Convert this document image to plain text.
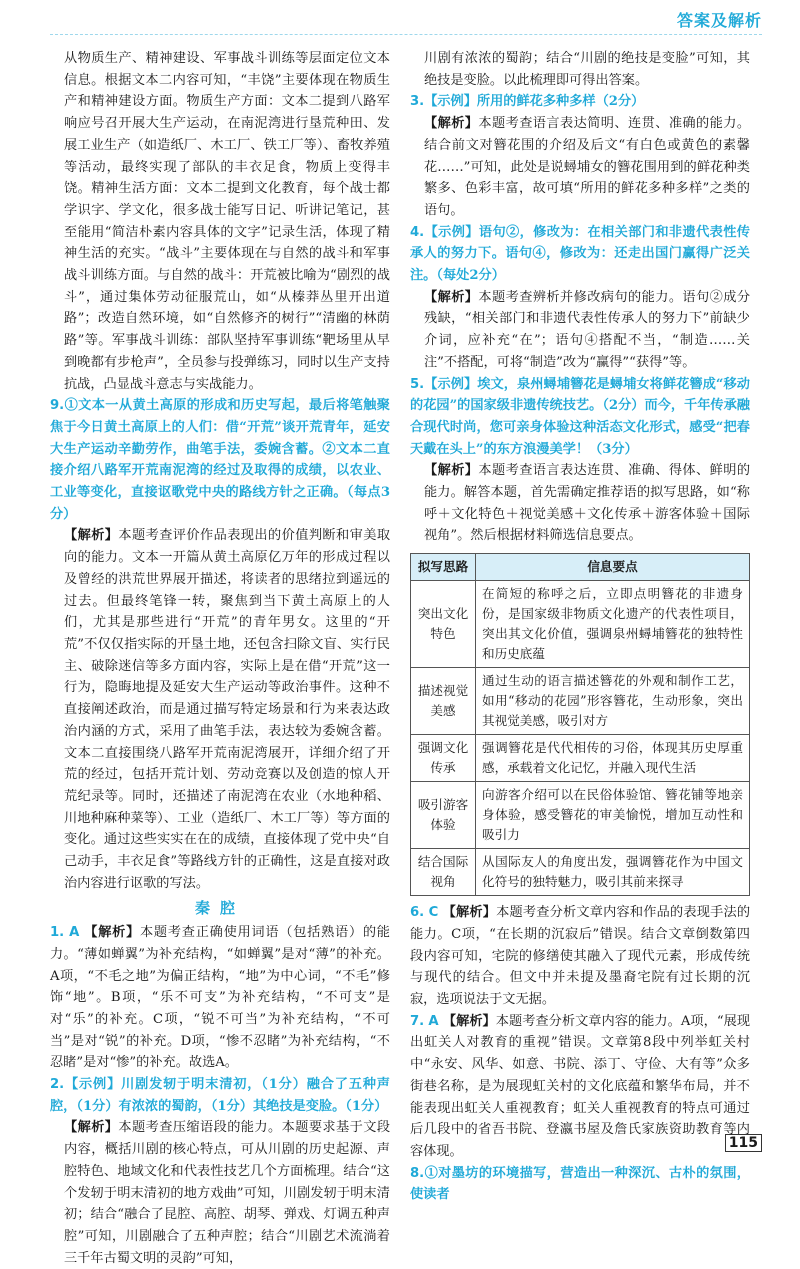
答案及解析

从物质生产、精神建设、军事战斗训练等层面定位文本信息。根据文本二内容可知，“丰饶”主要体现在物质生产和精神建设方面。物质生产方面：文本二提到八路军响应号召开展大生产运动，在南泥湾进行垦荒种田、发展工业生产（如造纸厂、木工厂、铁工厂等）、畜牧养殖等活动，最终实现了部队的丰衣足食，物质上变得丰饶。精神生活方面：文本二提到文化教育，每个战士都学识字、学文化，很多战士能写日记、听讲记笔记，甚至能用“简洁朴素内容具体的文字”记录生活，体现了精神生活的充实。“战斗”主要体现在与自然的战斗和军事战斗训练方面。与自然的战斗：开荒被比喻为“剧烈的战斗”，通过集体劳动征服荒山，如“从榛莽丛里开出道路”；改造自然环境，如“自然修齐的树行”“清幽的林荫路”等。军事战斗训练：部队坚持军事训练“靶场里从早到晚都有步枪声”，全员参与投弹练习，同时以生产支持抗战，凸显战斗意志与实战能力。

9.①文本一从黄土高原的形成和历史写起，最后将笔触聚焦于今日黄土高原上的人们：借“开荒”谈开荒青年，延安大生产运动辛勤劳作，曲笔手法，委婉含蓄。②文本二直接介绍八路军开荒南泥湾的经过及取得的成绩，以农业、工业等变化，直接讴歌党中央的路线方针之正确。（每点3分）

【解析】本题考查评价作品表现出的价值判断和审美取向的能力。文本一开篇从黄土高原亿万年的形成过程以及曾经的洪荒世界展开描述，将读者的思绪拉到遥远的过去。但最终笔锋一转，聚焦到当下黄土高原上的人们，尤其是那些进行“开荒”的青年男女。这里的“开荒”不仅仅指实际的开垦土地，还包含扫除文盲、实行民主、破除迷信等多方面内容，实际上是在借“开荒”这一行为，隐晦地提及延安大生产运动等政治事件。这种不直接阐述政治，而是通过描写特定场景和行为来表达政治内涵的方式，采用了曲笔手法，表达较为委婉含蓄。文本二直接围绕八路军开荒南泥湾展开，详细介绍了开荒的经过，包括开荒计划、劳动竞赛以及创造的惊人开荒纪录等。同时，还描述了南泥湾在农业（水地种稻、川地种麻种菜等）、工业（造纸厂、木工厂等）等方面的变化。通过这些实实在在的成绩，直接体现了党中央“自己动手，丰衣足食”等路线方针的正确性，这是直接对政治内容进行讴歌的写法。

秦腔

1. A 【解析】本题考查正确使用词语（包括熟语）的能力。“薄如蝉翼”为补充结构，“如蝉翼”是对“薄”的补充。A项，“不毛之地”为偏正结构，“地”为中心词，“不毛”修饰“地”。B项，“乐不可支”为补充结构，“不可支”是对“乐”的补充。C项，“锐不可当”为补充结构，“不可当”是对“锐”的补充。D项，“惨不忍睹”为补充结构，“不忍睹”是对“惨”的补充。故选A。

2.【示例】川剧发轫于明末清初，（1分）融合了五种声腔，（1分）有浓浓的蜀韵，（1分）其绝技是变脸。（1分）

【解析】本题考查压缩语段的能力。本题要求基于文段内容，概括川剧的核心特点，可从川剧的历史起源、声腔特色、地域文化和代表性技艺几个方面梳理。结合“这个发轫于明末清初的地方戏曲”可知，川剧发轫于明末清初；结合“融合了昆腔、高腔、胡琴、弹戏、灯调五种声腔”可知，川剧融合了五种声腔；结合“川剧艺术流淌着三千年古蜀文明的灵韵”可知，

川剧有浓浓的蜀韵；结合“川剧的绝技是变脸”可知，其绝技是变脸。以此梳理即可得出答案。

3.【示例】所用的鲜花多种多样（2分）

【解析】本题考查语言表达简明、连贯、准确的能力。结合前文对簪花围的介绍及后文“有白色或黄色的素馨花……”可知，此处是说蟳埔女的簪花围用到的鲜花种类繁多、色彩丰富，故可填“所用的鲜花多种多样”之类的语句。

4.【示例】语句②，修改为：在相关部门和非遗代表性传承人的努力下。语句④，修改为：还走出国门赢得广泛关注。（每处2分）

【解析】本题考查辨析并修改病句的能力。语句②成分残缺，“相关部门和非遗代表性传承人的努力下”前缺少介词，应补充“在”；语句④搭配不当，“制造……关注”不搭配，可将“制造”改为“赢得”“获得”等。

5.【示例】埃文，泉州蟳埔簪花是蟳埔女将鲜花簪成“移动的花园”的国家级非遗传统技艺。（2分）而今，千年传承融合现代时尚，您可亲身体验这种活态文化形式，感受“把春天戴在头上”的东方浪漫美学！（3分）

【解析】本题考查语言表达连贯、准确、得体、鲜明的能力。解答本题，首先需确定推荐语的拟写思路，如“称呼＋文化特色＋视觉美感＋文化传承＋游客体验＋国际视角”。然后根据材料筛选信息要点。

拟写思路	信息要点
突出文化特色	在简短的称呼之后，立即点明簪花的非遗身份，是国家级非物质文化遗产的代表性项目，突出其文化价值，强调泉州蟳埔簪花的独特性和历史底蕴
描述视觉美感	通过生动的语言描述簪花的外观和制作工艺，如用“移动的花园”形容簪花，生动形象，突出其视觉美感，吸引对方
强调文化传承	强调簪花是代代相传的习俗，体现其历史厚重感，承载着文化记忆，并融入现代生活
吸引游客体验	向游客介绍可以在民俗体验馆、簪花铺等地亲身体验，感受簪花的审美愉悦，增加互动性和吸引力
结合国际视角	从国际友人的角度出发，强调簪花作为中国文化符号的独特魅力，吸引其前来探寻

6. C 【解析】本题考查分析文章内容和作品的表现手法的能力。C项，“在长期的沉寂后”错误。结合文章倒数第四段内容可知，宅院的修缮使其融入了现代元素，形成传统与现代的结合。但文中并未提及墨裔宅院有过长期的沉寂，选项说法于文无据。

7. A 【解析】本题考查分析文章内容的能力。A项，“展现出虹关人对教育的重视”错误。文章第8段中列举虹关村中“永安、风华、如意、书院、添丁、守俭、大有等”众多街巷名称，是为展现虹关村的文化底蕴和繁华布局，并不能表现出虹关人重视教育；虹关人重视教育的特点可通过后几段中的省吾书院、登瀛书屋及詹氏家族资助教育等内容体现。

8.①对墨坊的环境描写，营造出一种深沉、古朴的氛围，使读者

115
